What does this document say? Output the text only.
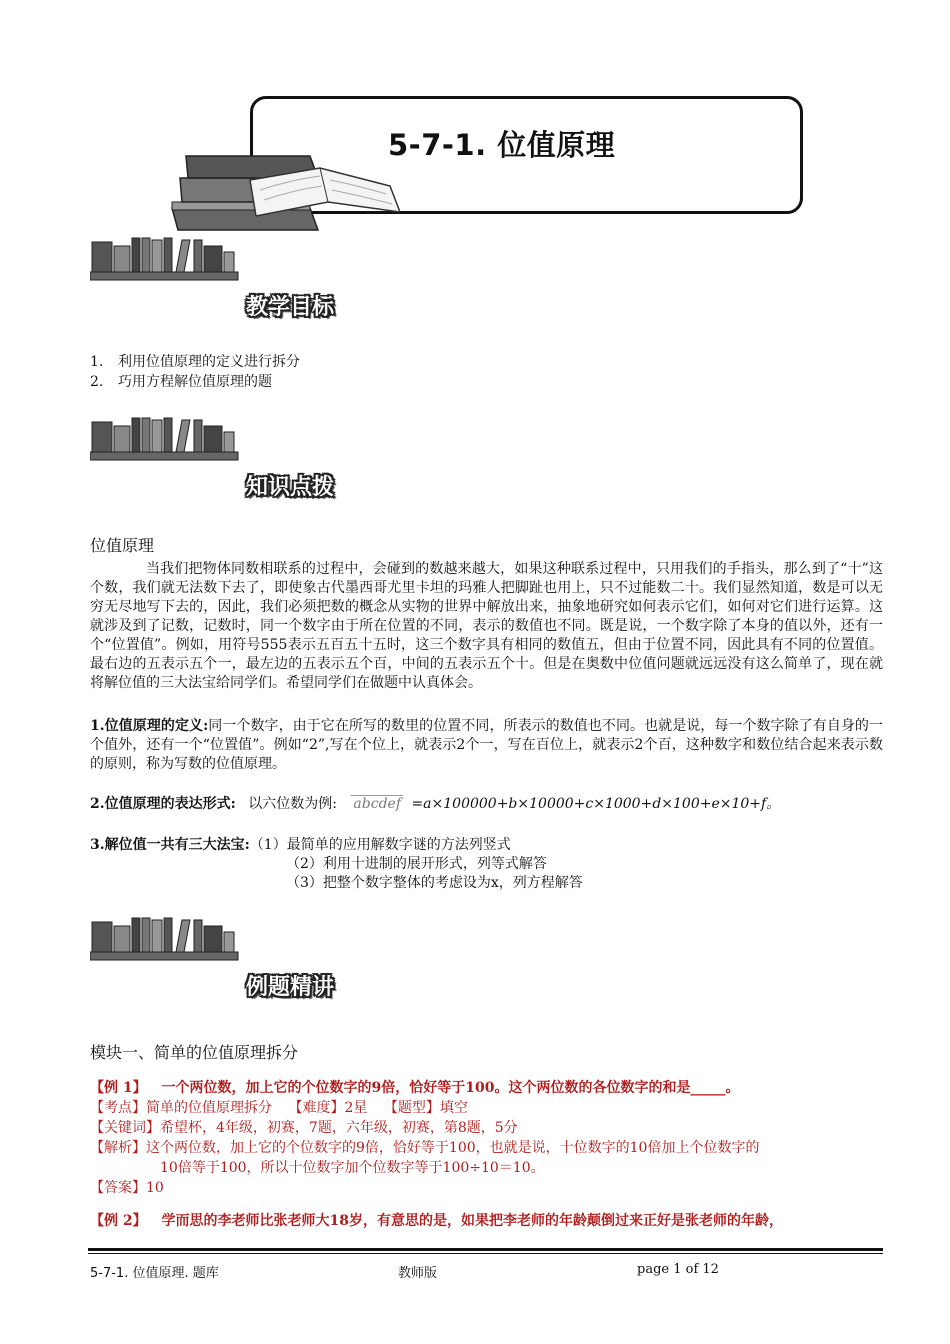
5-7-1. 位值原理
教学目标
1. 利用位值原理的定义进行拆分
2. 巧用方程解位值原理的题
知识点拨
位值原理
当我们把物体同数相联系的过程中，会碰到的数越来越大，如果这种联系过程中，只用我们的手指头，那么到了“十”这个数，我们就无法数下去了，即使象古代墨西哥尤里卡坦的玛雅人把脚趾也用上，只不过能数二十。我们显然知道，数是可以无穷无尽地写下去的，因此，我们必须把数的概念从实物的世界中解放出来，抽象地研究如何表示它们，如何对它们进行运算。这就涉及到了记数，记数时，同一个数字由于所在位置的不同，表示的数值也不同。既是说，一个数字除了本身的值以外，还有一个“位置值”。例如，用符号555表示五百五十五时，这三个数字具有相同的数值五，但由于位置不同，因此具有不同的位置值。最右边的五表示五个一，最左边的五表示五个百，中间的五表示五个十。但是在奥数中位值问题就远远没有这么简单了，现在就将解位值的三大法宝给同学们。希望同学们在做题中认真体会。
1.位值原理的定义:同一个数字，由于它在所写的数里的位置不同，所表示的数值也不同。也就是说，每一个数字除了有自身的一个值外，还有一个“位置值”。例如“2”,写在个位上，就表示2个一，写在百位上，就表示2个百，这种数字和数位结合起来表示数的原则，称为写数的位值原理。
2.位值原理的表达形式: 以六位数为例: abcdef =a×100000+b×10000+c×1000+d×100+e×10+f。
3.解位值一共有三大法宝:（1）最简单的应用解数字谜的方法列竖式
（2）利用十进制的展开形式，列等式解答
（3）把整个数字整体的考虑设为x，列方程解答
例题精讲
模块一、简单的位值原理拆分
【例 1】 一个两位数，加上它的个位数字的9倍，恰好等于100。这个两位数的各位数字的和是_____。
【考点】简单的位值原理拆分 【难度】2星 【题型】填空
【关键词】希望杯，4年级，初赛，7题，六年级，初赛，第8题，5分
【解析】这个两位数，加上它的个位数字的9倍，恰好等于100，也就是说，十位数字的10倍加上个位数字的
10倍等于100，所以十位数字加个位数字等于100÷10＝10。
【答案】10
【例 2】 学而思的李老师比张老师大18岁，有意思的是，如果把李老师的年龄颠倒过来正好是张老师的年龄，
5-7-1. 位值原理. 题库	教师版	page 1 of 12
